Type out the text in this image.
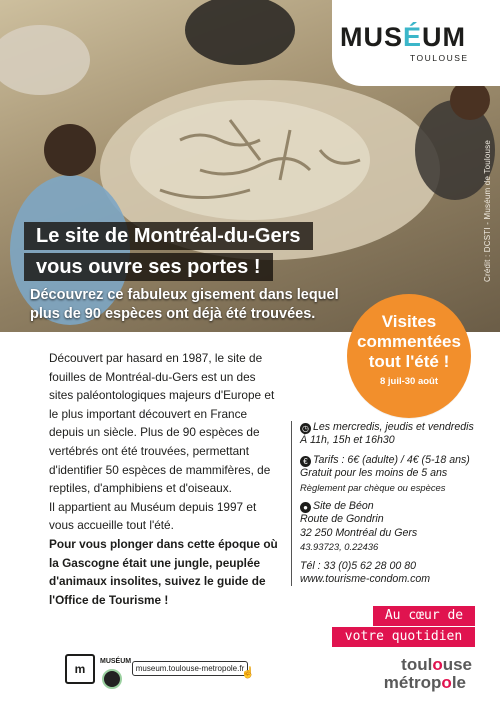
Crédit : DCSTI - Muséum de Toulouse
MUSÉUM
TOULOUSE
Le site de Montréal-du-Gers
vous ouvre ses portes !
Découvrez ce fabuleux gisement dans lequel plus de 90 espèces ont déjà été trouvées.	Visites
commentées
tout l'été !
8 juil-30 août

Découvert par hasard en 1987, le site de fouilles de Montréal-du-Gers est un des sites paléontologiques majeurs d'Europe et le plus important découvert en France depuis un siècle. Plus de 90 espèces de vertébrés ont été trouvées, permettant d'identifier 50 espèces de mammifères, de reptiles, d'amphibiens et d'oiseaux.

Il appartient au Muséum depuis 1997 et vous accueille tout l'été.

Pour vous plonger dans cette époque où la Gascogne était une jungle, peuplée d'animaux insolites, suivez le guide de l'Office de Tourisme !

◷ Les mercredis, jeudis et vendredis
À 11h, 15h et 16h30
€ Tarifs : 6€ (adulte) / 4€ (5-18 ans)
Gratuit pour les moins de 5 ans
Règlement par chèque ou espèces
● Site de Béon
Route de Gondrin
32 250 Montréal du Gers
43.93723, 0.22436
Tél : 33 (0)5 62 28 00 80
www.tourisme-condom.com
Au cœur de
votre quotidien
toulouse
métropole
m
MUSÉUM
museum.toulouse-metropole.fr
☝
